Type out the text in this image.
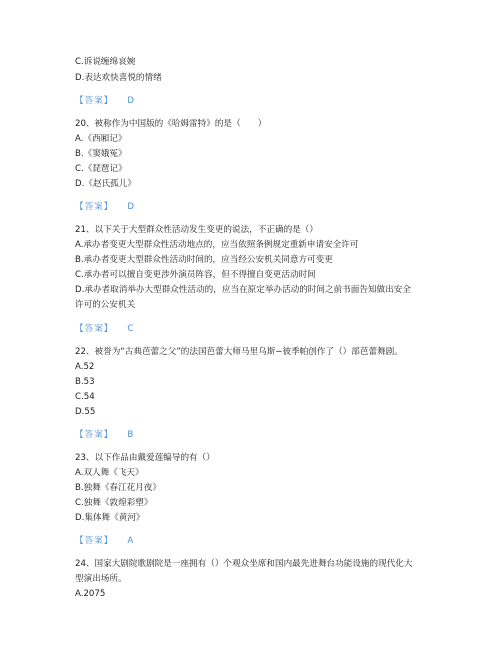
C.诉说缠绵哀婉
D.表达欢快喜悦的情绪
【答案】 D
20、被称作为中国版的《哈姆雷特》的是（　　）
A.《西厢记》
B.《窦娥冤》
C.《琵琶记》
D.《赵氏孤儿》
【答案】 D
21、以下关于大型群众性活动发生变更的说法，不正确的是（）
A.承办者变更大型群众性活动地点的，应当依照条例规定重新申请安全许可
B.承办者变更大型群众性活动时间的，应当经公安机关同意方可变更
C.承办者可以擅自变更涉外演员阵容，但不得擅自变更活动时间
D.承办者取消举办大型群众性活动的，应当在原定举办活动的时间之前书面告知做出安全
许可的公安机关
【答案】 C
22、被誉为“古典芭蕾之父”的法国芭蕾大师马里乌斯−彼季帕创作了（）部芭蕾舞剧。
A.52
B.53
C.54
D.55
【答案】 B
23、以下作品由戴爱莲编导的有（）
A.双人舞《飞天》
B.独舞《春江花月夜》
C.独舞《敦煌彩塑》
D.集体舞《黄河》
【答案】 A
24、国家大剧院歌剧院是一座拥有（）个观众坐席和国内最先进舞台功能设施的现代化大
型演出场所。
A.2075
